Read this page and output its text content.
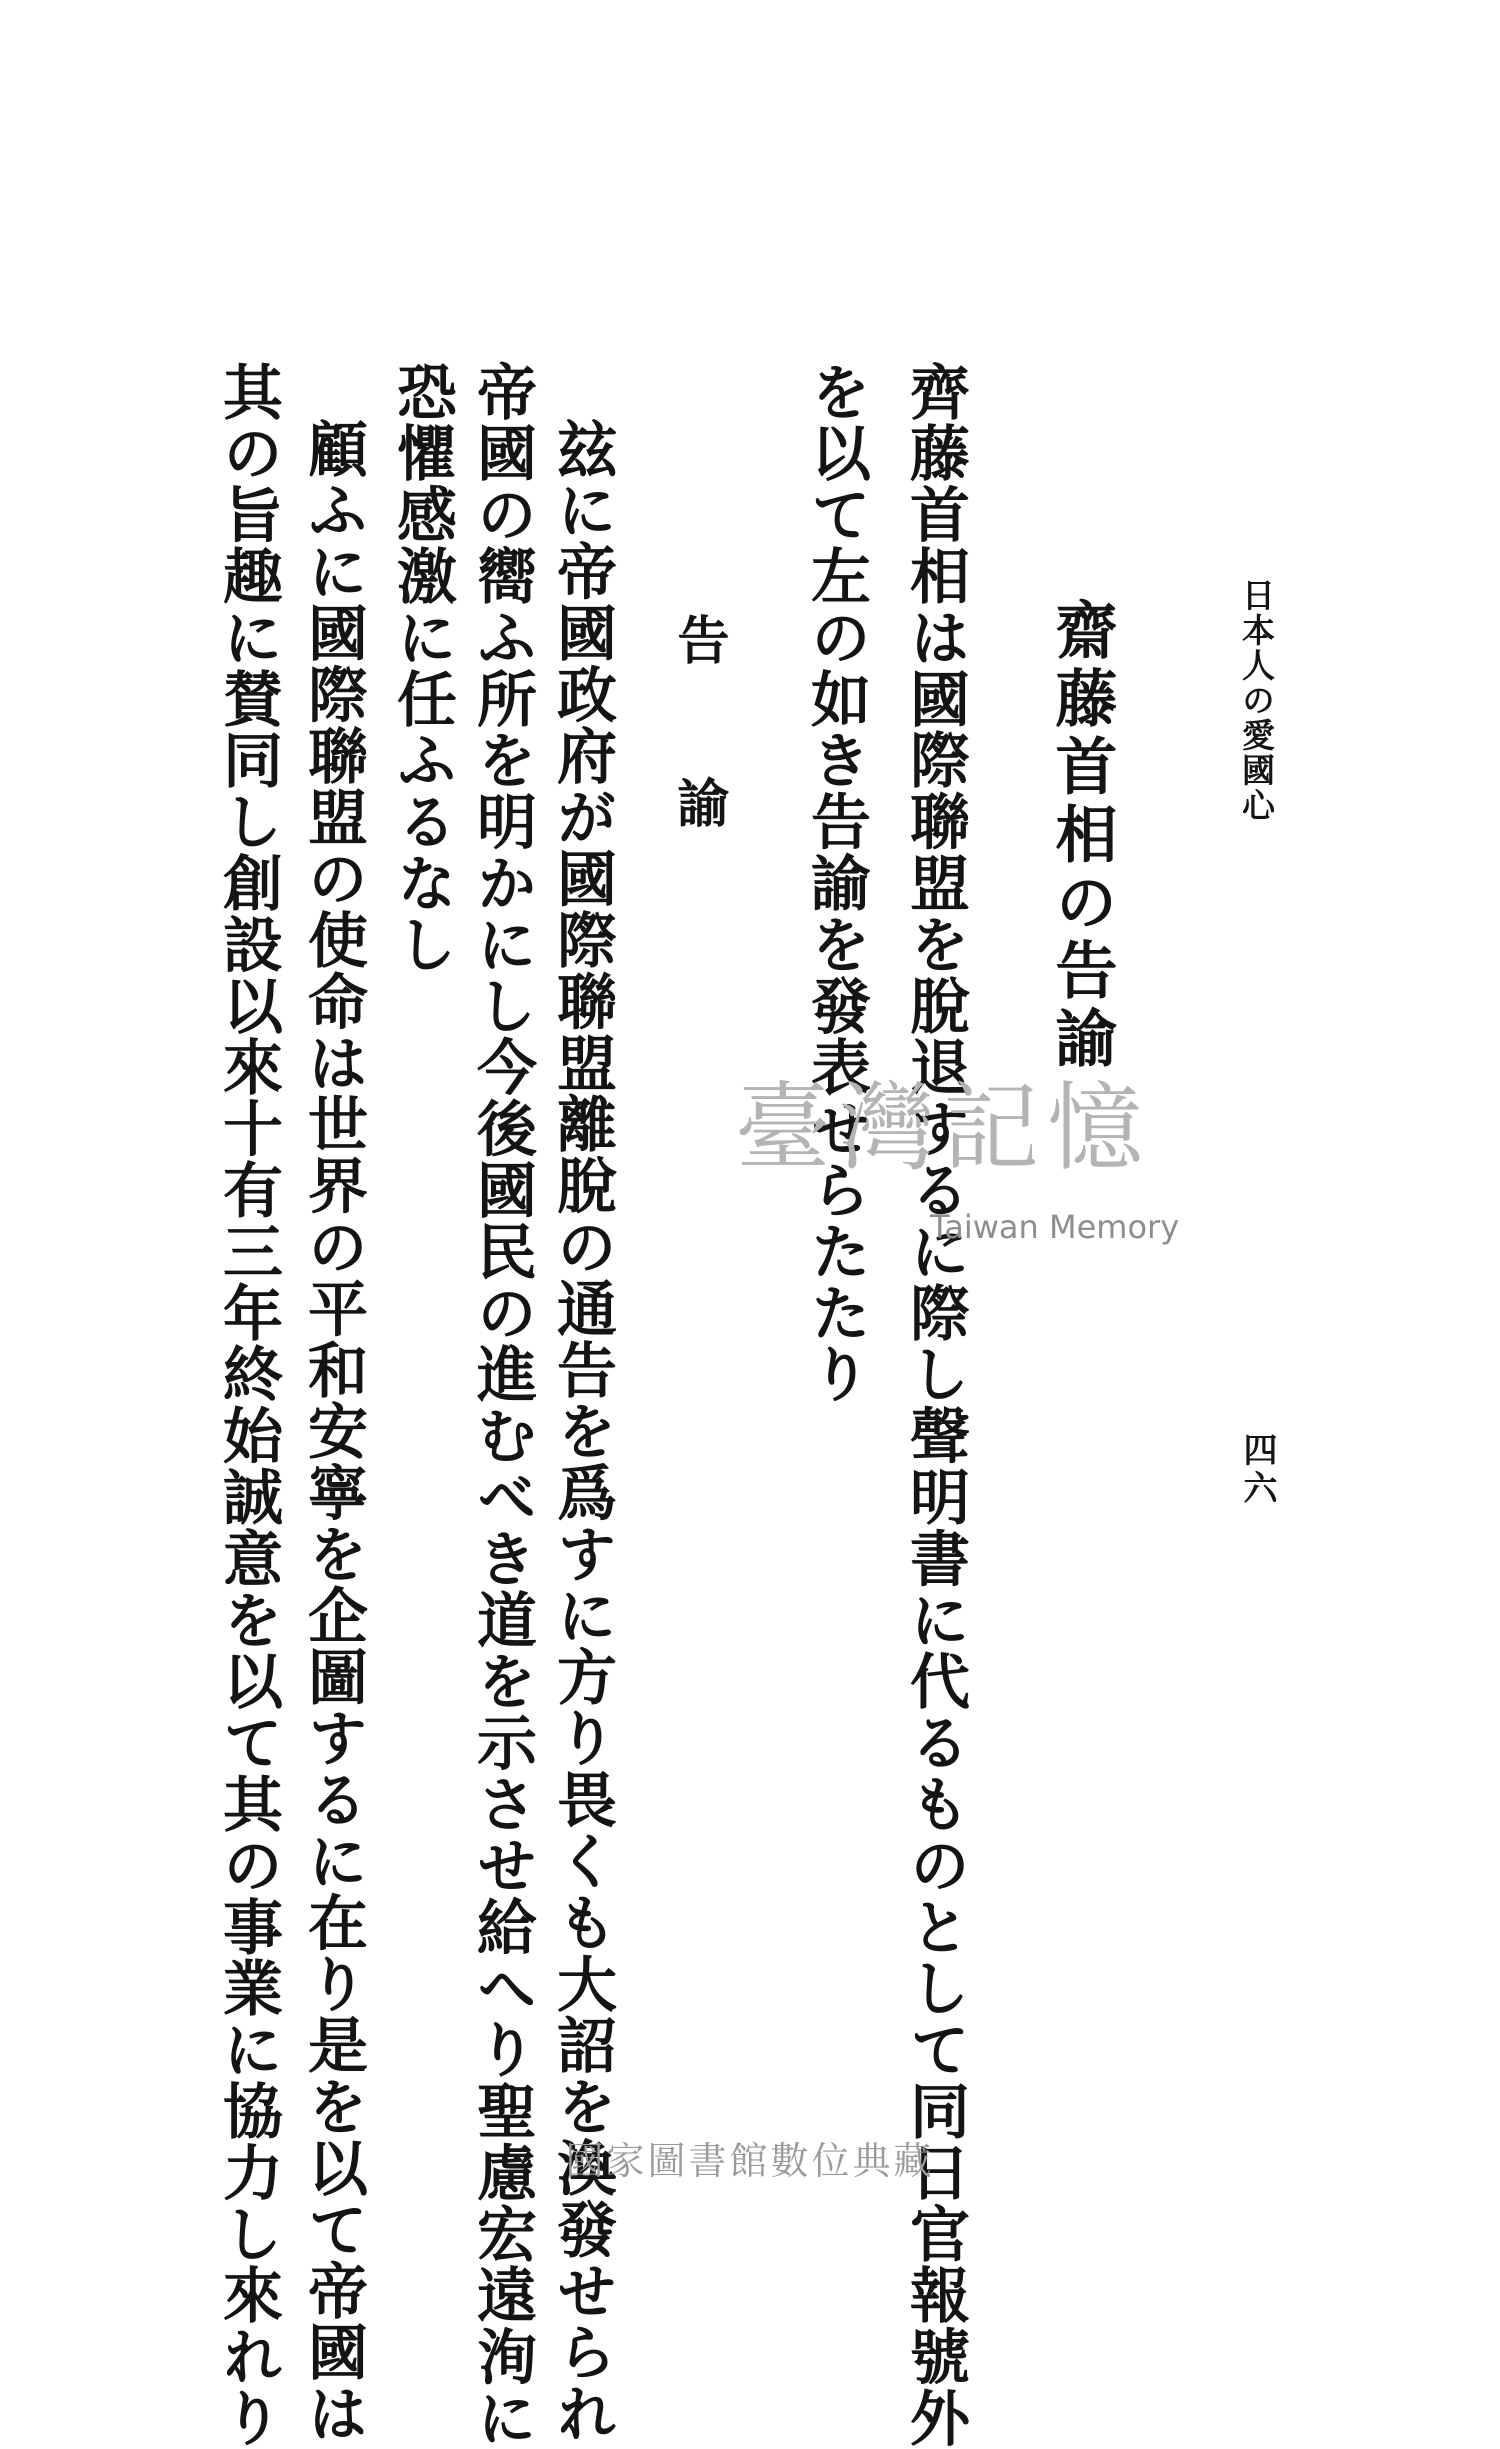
日本人の愛國心
四六
齋藤首相の告諭
齊藤首相は國際聯盟を脫退するに際し聲明書に代るものとして同日官報號外
を以て左の如き告諭を發表せらたたり
告
諭
玆に帝國政府が國際聯盟離脫の通告を爲すに方り畏くも大詔を渙發せられ
帝國の嚮ふ所を明かにし今後國民の進むべき道を示させ給へり聖慮宏遠洵に
恐懼感激に任ふるなし
顧ふに國際聯盟の使命は世界の平和安寧を企圖するに在り是を以て帝國は
其の旨趣に賛同し創設以來十有三年終始誠意を以て其の事業に協力し來れり	臺灣記憶
Taiwan Memory
國家圖書館數位典藏
